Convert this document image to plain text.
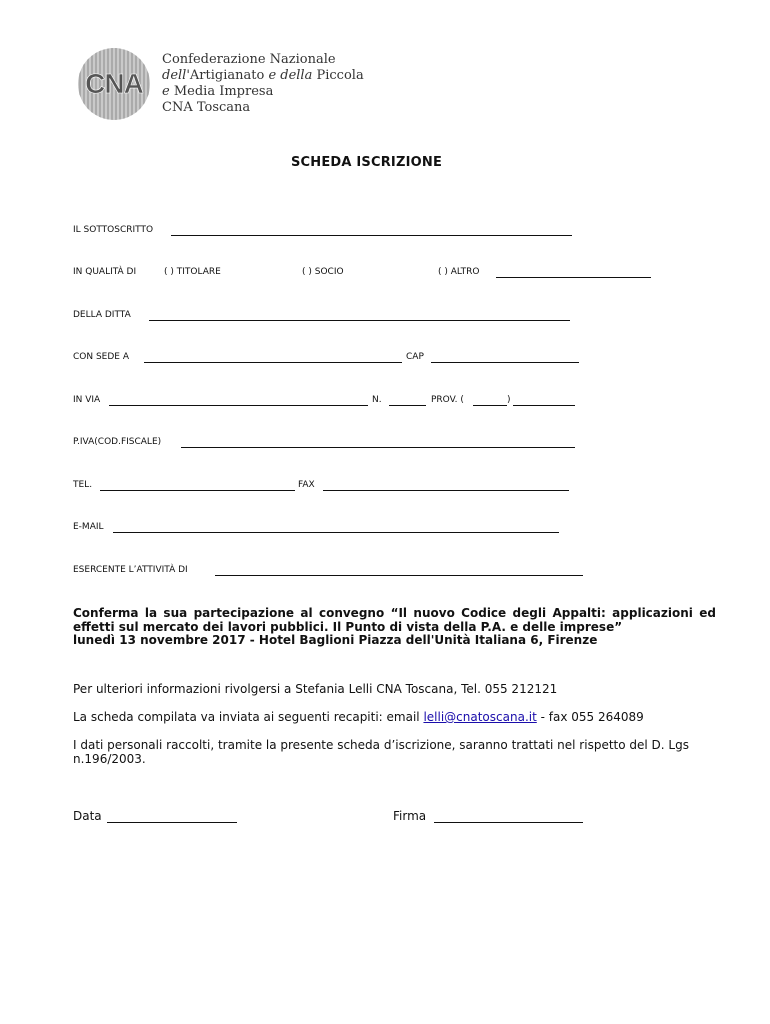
CNA
Confederazione Nazionale
dell'Artigianato e della Piccola
e Media Impresa
CNA Toscana
SCHEDA ISCRIZIONE
IL SOTTOSCRITTO
IN QUALITÀ DI	( ) TITOLARE	( ) SOCIO	( ) ALTRO
DELLA DITTA
CON SEDE A	CAP
IN VIA	N.	PROV. (	)
P.IVA(COD.FISCALE)
TEL.	FAX
E-MAIL
ESERCENTE L’ATTIVITÀ DI
Conferma la sua partecipazione al convegno “Il nuovo Codice degli Appalti: applicazioni ed effetti sul mercato dei lavori pubblici. Il Punto di vista della P.A. e delle imprese”
lunedì 13 novembre 2017 - Hotel Baglioni Piazza dell'Unità Italiana 6, Firenze
Per ulteriori informazioni rivolgersi a Stefania Lelli CNA Toscana, Tel. 055 212121
La scheda compilata va inviata ai seguenti recapiti: email lelli@cnatoscana.it - fax 055 264089
I dati personali raccolti, tramite la presente scheda d’iscrizione, saranno trattati nel rispetto del D. Lgs n.196/2003.
Data	Firma
